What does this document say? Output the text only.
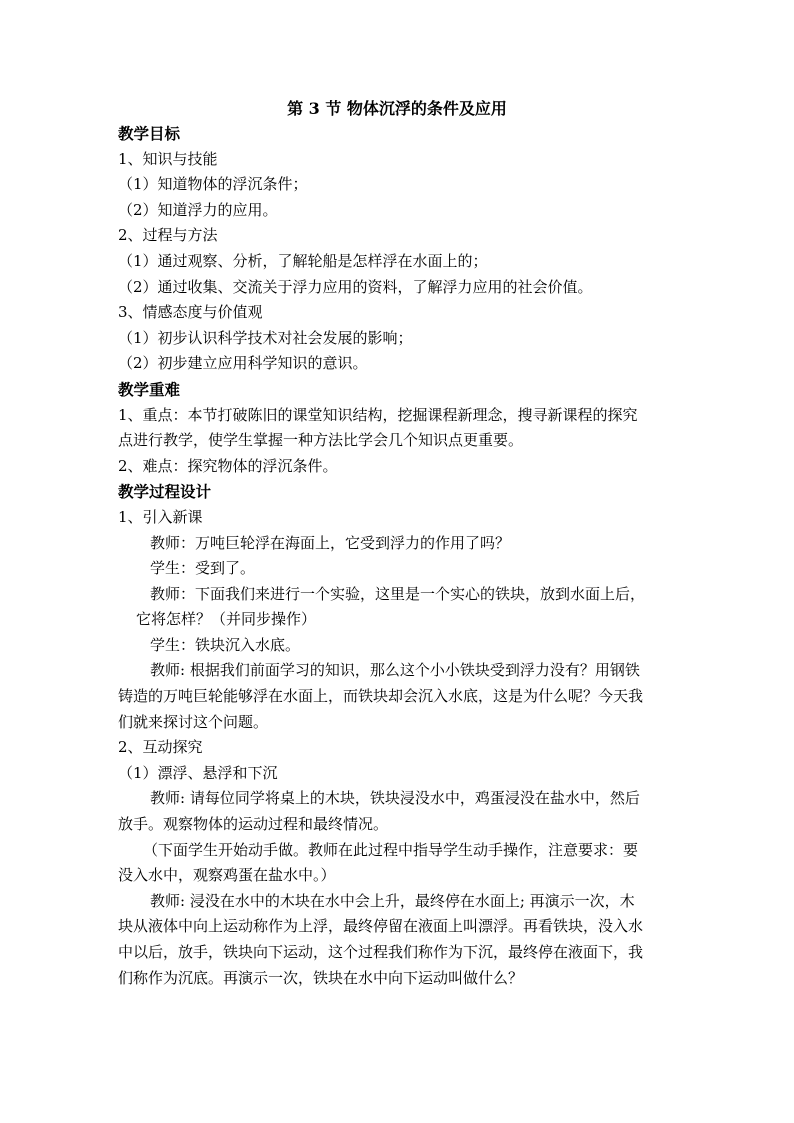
第 3 节 物体沉浮的条件及应用
教学目标
1、知识与技能
（1）知道物体的浮沉条件；
（2）知道浮力的应用。
2、过程与方法
（1）通过观察、分析，了解轮船是怎样浮在水面上的；
（2）通过收集、交流关于浮力应用的资料，了解浮力应用的社会价值。
3、情感态度与价值观
（1）初步认识科学技术对社会发展的影响；
（2）初步建立应用科学知识的意识。
教学重难
1、重点：本节打破陈旧的课堂知识结构，挖掘课程新理念，搜寻新课程的探究
点进行教学，使学生掌握一种方法比学会几个知识点更重要。
2、难点：探究物体的浮沉条件。
教学过程设计
1、引入新课
教师：万吨巨轮浮在海面上，它受到浮力的作用了吗？
学生：受到了。
教师：下面我们来进行一个实验，这里是一个实心的铁块，放到水面上后，
它将怎样？（并同步操作）
学生：铁块沉入水底。
教师: 根据我们前面学习的知识，那么这个小小铁块受到浮力没有？用钢铁
铸造的万吨巨轮能够浮在水面上，而铁块却会沉入水底，这是为什么呢？今天我
们就来探讨这个问题。
2、互动探究
（1）漂浮、悬浮和下沉
教师: 请每位同学将桌上的木块，铁块浸没水中，鸡蛋浸没在盐水中，然后
放手。观察物体的运动过程和最终情况。
（下面学生开始动手做。教师在此过程中指导学生动手操作，注意要求：要
没入水中，观察鸡蛋在盐水中。）
教师: 浸没在水中的木块在水中会上升，最终停在水面上; 再演示一次，木
块从液体中向上运动称作为上浮，最终停留在液面上叫漂浮。再看铁块，没入水
中以后，放手，铁块向下运动，这个过程我们称作为下沉，最终停在液面下，我
们称作为沉底。再演示一次，铁块在水中向下运动叫做什么？
